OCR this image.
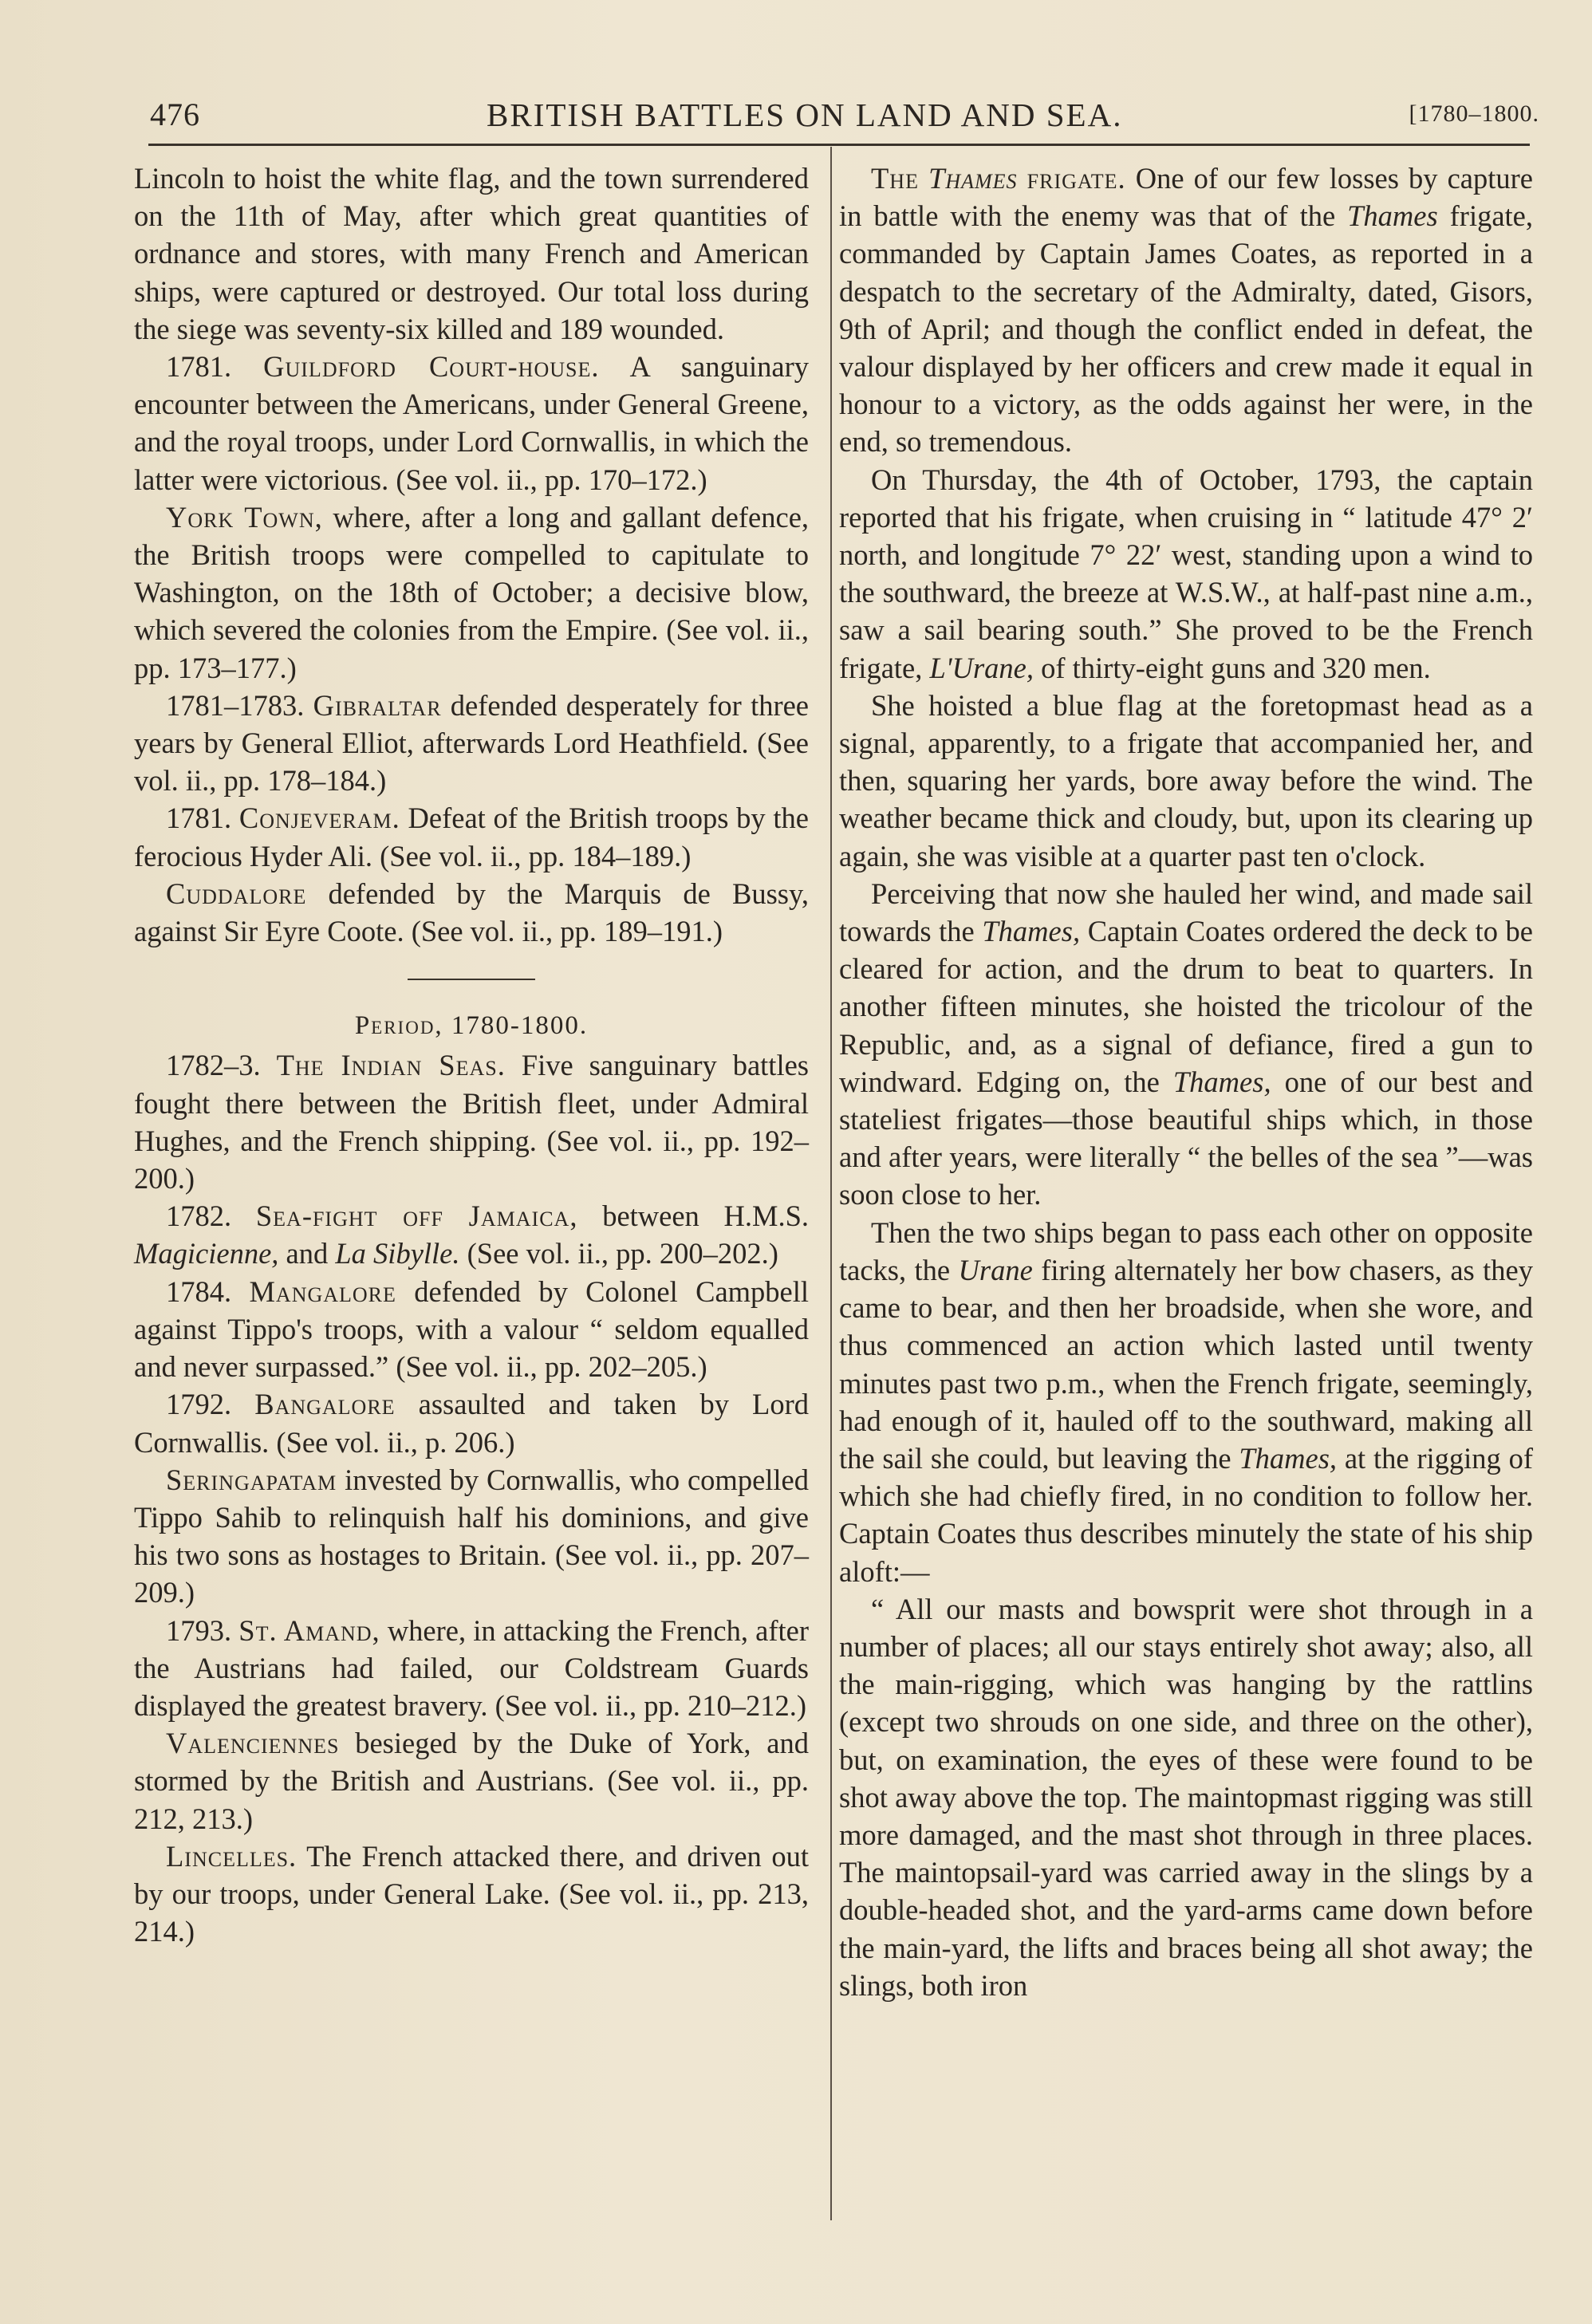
476	BRITISH BATTLES ON LAND AND SEA.	[1780–1800.

Lincoln to hoist the white flag, and the town surrendered on the 11th of May, after which great quantities of ordnance and stores, with many French and American ships, were captured or destroyed. Our total loss during the siege was seventy-six killed and 189 wounded.

1781. Guildford Court-house. A sanguinary encounter between the Americans, under General Greene, and the royal troops, under Lord Cornwallis, in which the latter were victorious. (See vol. ii., pp. 170–172.)

York Town, where, after a long and gallant defence, the British troops were compelled to capitulate to Washington, on the 18th of October; a decisive blow, which severed the colonies from the Empire. (See vol. ii., pp. 173–177.)

1781–1783. Gibraltar defended desperately for three years by General Elliot, afterwards Lord Heathfield. (See vol. ii., pp. 178–184.)

1781. Conjeveram. Defeat of the British troops by the ferocious Hyder Ali. (See vol. ii., pp. 184–189.)

Cuddalore defended by the Marquis de Bussy, against Sir Eyre Coote. (See vol. ii., pp. 189–191.)

Period, 1780-1800.

1782–3. The Indian Seas. Five sanguinary battles fought there between the British fleet, under Admiral Hughes, and the French shipping. (See vol. ii., pp. 192–200.)

1782. Sea-fight off Jamaica, between H.M.S. Magicienne, and La Sibylle. (See vol. ii., pp. 200–202.)

1784. Mangalore defended by Colonel Campbell against Tippo's troops, with a valour “ seldom equalled and never surpassed.” (See vol. ii., pp. 202–205.)

1792. Bangalore assaulted and taken by Lord Cornwallis. (See vol. ii., p. 206.)

Seringapatam invested by Cornwallis, who compelled Tippo Sahib to relinquish half his dominions, and give his two sons as hostages to Britain. (See vol. ii., pp. 207–209.)

1793. St. Amand, where, in attacking the French, after the Austrians had failed, our Coldstream Guards displayed the greatest bravery. (See vol. ii., pp. 210–212.)

Valenciennes besieged by the Duke of York, and stormed by the British and Austrians. (See vol. ii., pp. 212, 213.)

Lincelles. The French attacked there, and driven out by our troops, under General Lake. (See vol. ii., pp. 213, 214.)

The Thames frigate. One of our few losses by capture in battle with the enemy was that of the Thames frigate, commanded by Captain James Coates, as reported in a despatch to the secretary of the Admiralty, dated, Gisors, 9th of April; and though the conflict ended in defeat, the valour displayed by her officers and crew made it equal in honour to a victory, as the odds against her were, in the end, so tremendous.

On Thursday, the 4th of October, 1793, the captain reported that his frigate, when cruising in “ latitude 47° 2′ north, and longitude 7° 22′ west, standing upon a wind to the southward, the breeze at W.S.W., at half-past nine a.m., saw a sail bearing south.” She proved to be the French frigate, L'Urane, of thirty-eight guns and 320 men.

She hoisted a blue flag at the foretopmast head as a signal, apparently, to a frigate that accompanied her, and then, squaring her yards, bore away before the wind. The weather became thick and cloudy, but, upon its clearing up again, she was visible at a quarter past ten o'clock.

Perceiving that now she hauled her wind, and made sail towards the Thames, Captain Coates ordered the deck to be cleared for action, and the drum to beat to quarters. In another fifteen minutes, she hoisted the tricolour of the Republic, and, as a signal of defiance, fired a gun to windward. Edging on, the Thames, one of our best and stateliest frigates—those beautiful ships which, in those and after years, were literally “ the belles of the sea ”—was soon close to her.

Then the two ships began to pass each other on opposite tacks, the Urane firing alternately her bow chasers, as they came to bear, and then her broadside, when she wore, and thus commenced an action which lasted until twenty minutes past two p.m., when the French frigate, seemingly, had enough of it, hauled off to the southward, making all the sail she could, but leaving the Thames, at the rigging of which she had chiefly fired, in no condition to follow her. Captain Coates thus describes minutely the state of his ship aloft:—

“ All our masts and bowsprit were shot through in a number of places; all our stays entirely shot away; also, all the main-rigging, which was hanging by the rattlins (except two shrouds on one side, and three on the other), but, on examination, the eyes of these were found to be shot away above the top. The maintopmast rigging was still more damaged, and the mast shot through in three places. The maintopsail-yard was carried away in the slings by a double-headed shot, and the yard-arms came down before the main-yard, the lifts and braces being all shot away; the slings, both iron
